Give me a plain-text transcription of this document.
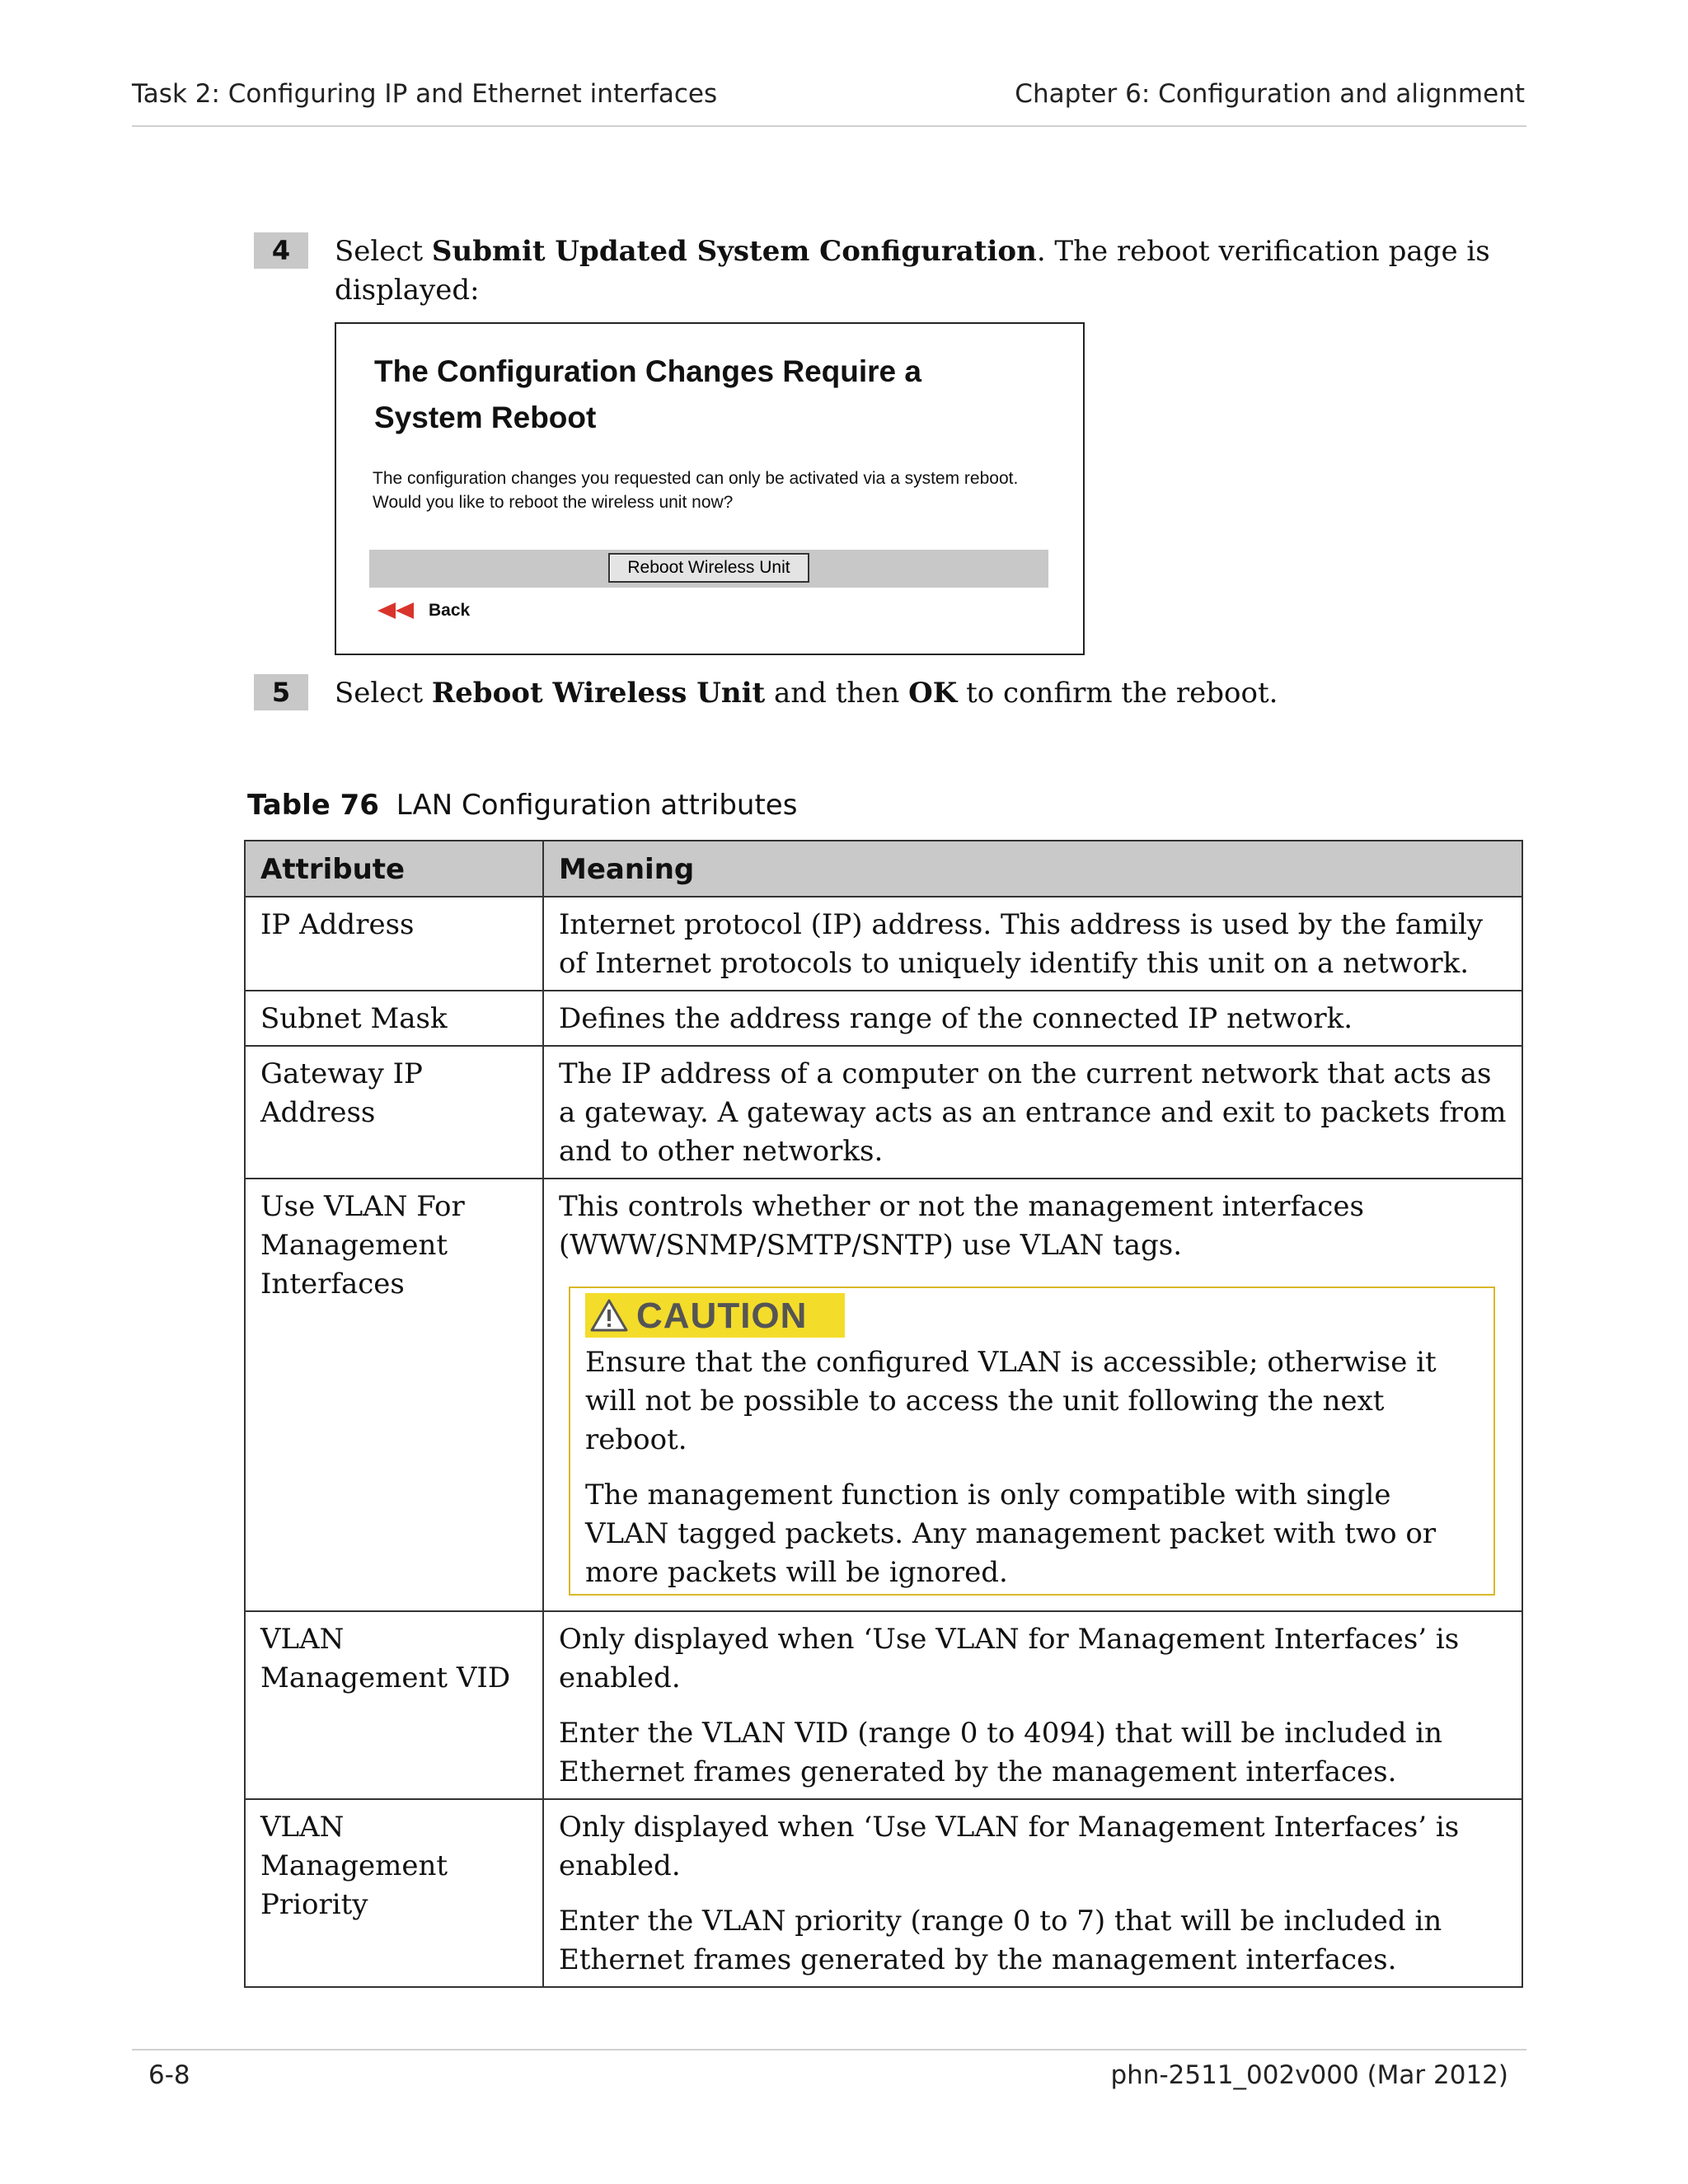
Task 2: Configuring IP and Ethernet interfaces	Chapter 6: Configuration and alignment
4	Select Submit Updated System Configuration. The reboot verification page is displayed:
The Configuration Changes Require a System Reboot
The configuration changes you requested can only be activated via a system reboot. Would you like to reboot the wireless unit now?
Reboot Wireless Unit
Back
5	Select Reboot Wireless Unit and then OK to confirm the reboot.
Table 76 LAN Configuration attributes
Attribute	Meaning
IP Address	Internet protocol (IP) address. This address is used by the family of Internet protocols to uniquely identify this unit on a network.

Subnet Mask	Defines the address range of the connected IP network.

Gateway IP Address	The IP address of a computer on the current network that acts as a gateway. A gateway acts as an entrance and exit to packets from and to other networks.

Use VLAN For Management Interfaces	This controls whether or not the management interfaces (WWW/SNMP/SMTP/SNTP) use VLAN tags.

CAUTION

Ensure that the configured VLAN is accessible; otherwise it will not be possible to access the unit following the next reboot.

The management function is only compatible with single VLAN tagged packets. Any management packet with two or more packets will be ignored.

VLAN Management VID	Only displayed when ‘Use VLAN for Management Interfaces’ is enabled.

Enter the VLAN VID (range 0 to 4094) that will be included in Ethernet frames generated by the management interfaces.

VLAN Management Priority	Only displayed when ‘Use VLAN for Management Interfaces’ is enabled.

Enter the VLAN priority (range 0 to 7) that will be included in Ethernet frames generated by the management interfaces.

6-8	phn-2511_002v000 (Mar 2012)
